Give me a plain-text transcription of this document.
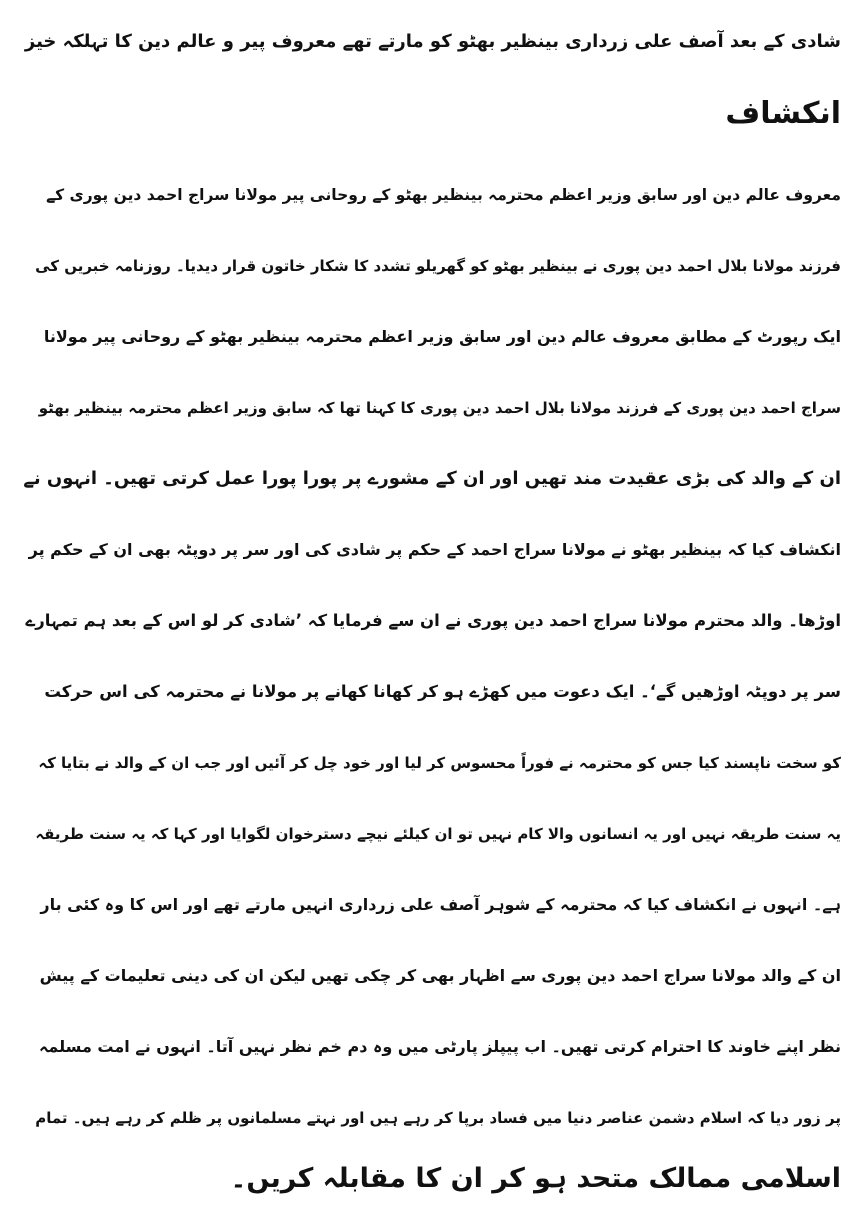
شادی کے بعد آصف علی زرداری بینظیر بھٹو کو مارتے تھے معروف پیر و عالم دین کا تہلکہ خیز
انکشاف
معروف عالم دین اور سابق وزیر اعظم محترمہ بینظیر بھٹو کے روحانی پیر مولانا سراج احمد دین پوری کے
فرزند مولانا بلال احمد دین پوری نے بینظیر بھٹو کو گھریلو تشدد کا شکار خاتون قرار دیدیا۔ روزنامہ خبریں کی
ایک رپورٹ کے مطابق معروف عالم دین اور سابق وزیر اعظم محترمہ بینظیر بھٹو کے روحانی پیر مولانا
سراج احمد دین پوری کے فرزند مولانا بلال احمد دین پوری کا کہنا تھا کہ سابق وزیر اعظم محترمہ بینظیر بھٹو
ان کے والد کی بڑی عقیدت مند تھیں اور ان کے مشورے پر پورا پورا عمل کرتی تھیں۔ انہوں نے
انکشاف کیا کہ بینظیر بھٹو نے مولانا سراج احمد کے حکم پر شادی کی اور سر پر دوپٹہ بھی ان کے حکم پر
اوڑھا۔ والد محترم مولانا سراج احمد دین پوری نے ان سے فرمایا کہ ’شادی کر لو اس کے بعد ہم تمہارے
سر پر دوپٹہ اوڑھیں گے‘۔ ایک دعوت میں کھڑے ہو کر کھانا کھانے پر مولانا نے محترمہ کی اس حرکت
کو سخت ناپسند کیا جس کو محترمہ نے فوراً محسوس کر لیا اور خود چل کر آئیں اور جب ان کے والد نے بتایا کہ
یہ سنت طریقہ نہیں اور یہ انسانوں والا کام نہیں تو ان کیلئے نیچے دسترخوان لگوایا اور کہا کہ یہ سنت طریقہ
ہے۔ انہوں نے انکشاف کیا کہ محترمہ کے شوہر آصف علی زرداری انہیں مارتے تھے اور اس کا وہ کئی بار
ان کے والد مولانا سراج احمد دین پوری سے اظہار بھی کر چکی تھیں لیکن ان کی دینی تعلیمات کے پیش
نظر اپنے خاوند کا احترام کرتی تھیں۔ اب پیپلز پارٹی میں وہ دم خم نظر نہیں آتا۔ انہوں نے امت مسلمہ
پر زور دیا کہ اسلام دشمن عناصر دنیا میں فساد برپا کر رہے ہیں اور نہتے مسلمانوں پر ظلم کر رہے ہیں۔ تمام
اسلامی ممالک متحد ہو کر ان کا مقابلہ کریں۔
